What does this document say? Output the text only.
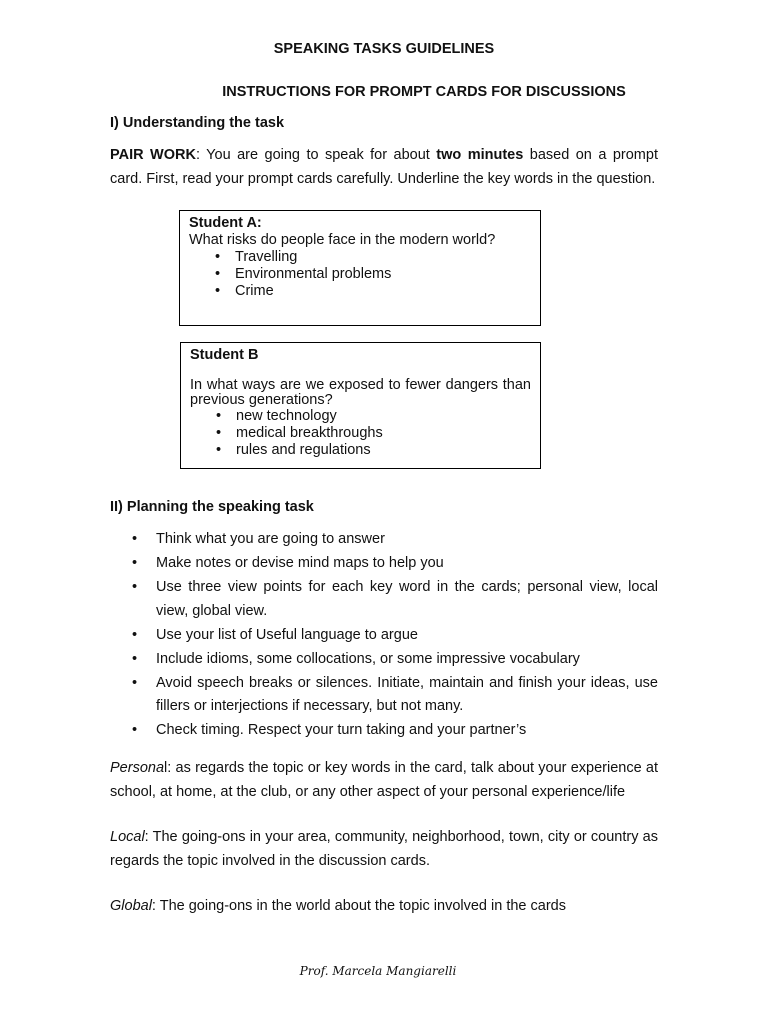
SPEAKING TASKS GUIDELINES
INSTRUCTIONS FOR PROMPT CARDS FOR DISCUSSIONS
I) Understanding the task
PAIR WORK: You are going to speak for about two minutes based on a prompt card. First, read your prompt cards carefully. Underline the key words in the question.
Student A:
What risks do people face in the modern world?
• Travelling
• Environmental problems
• Crime
Student B
In what ways are we exposed to fewer dangers than previous generations?
• new technology
• medical breakthroughs
• rules and regulations
II) Planning the speaking task
• Think what you are going to answer
• Make notes or devise mind maps to help you
• Use three view points for each key word in the cards; personal view, local view, global view.
• Use your list of Useful language to argue
• Include idioms, some collocations, or some impressive vocabulary
• Avoid speech breaks or silences. Initiate, maintain and finish your ideas, use fillers or interjections if necessary, but not many.
• Check timing. Respect your turn taking and your partner’s
Personal: as regards the topic or key words in the card, talk about your experience at school, at home, at the club, or any other aspect of your personal experience/life
Local: The going-ons in your area, community, neighborhood, town, city or country as regards the topic involved in the discussion cards.
Global: The going-ons in the world about the topic involved in the cards
Prof. Marcela Mangiarelli
